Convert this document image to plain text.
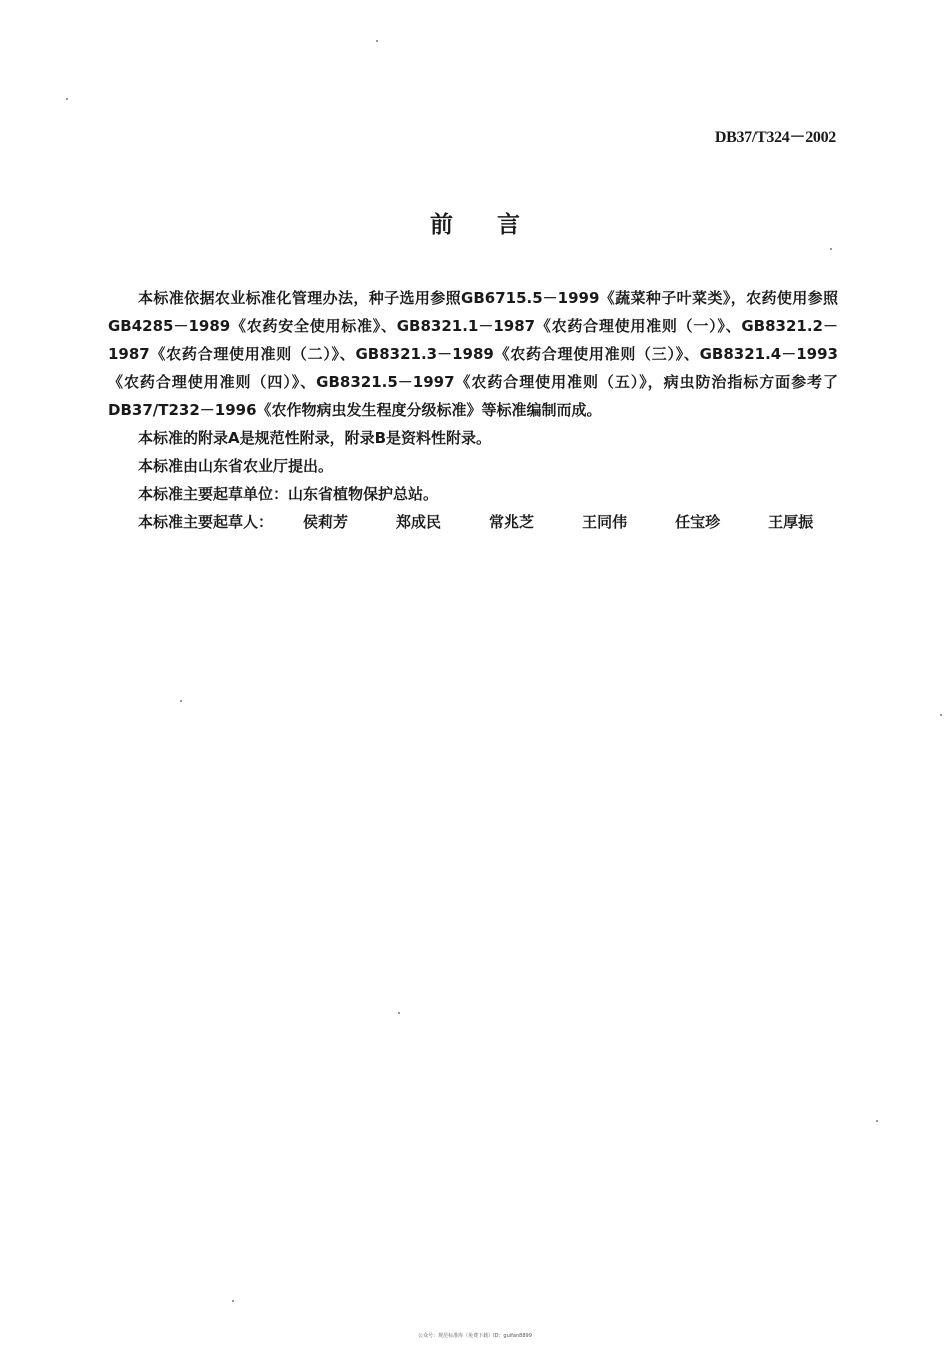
DB37/T324－2002
前言

本标准依据农业标准化管理办法，种子选用参照GB6715.5－1999《蔬菜种子叶菜类》，农药使用参照GB4285－1989《农药安全使用标准》、GB8321.1－1987《农药合理使用准则（一）》、GB8321.2－1987《农药合理使用准则（二）》、GB8321.3－1989《农药合理使用准则（三）》、GB8321.4－1993《农药合理使用准则（四）》、GB8321.5－1997《农药合理使用准则（五）》，病虫防治指标方面参考了DB37/T232－1996《农作物病虫发生程度分级标准》等标准编制而成。

本标准的附录A是规范性附录，附录B是资料性附录。

本标准由山东省农业厅提出。

本标准主要起草单位：山东省植物保护总站。

本标准主要起草人： 侯莉芳	郑成民	常兆芝	王同伟	任宝珍	王厚振

公众号：规范标准库（免费下载）ID：guifan8899
